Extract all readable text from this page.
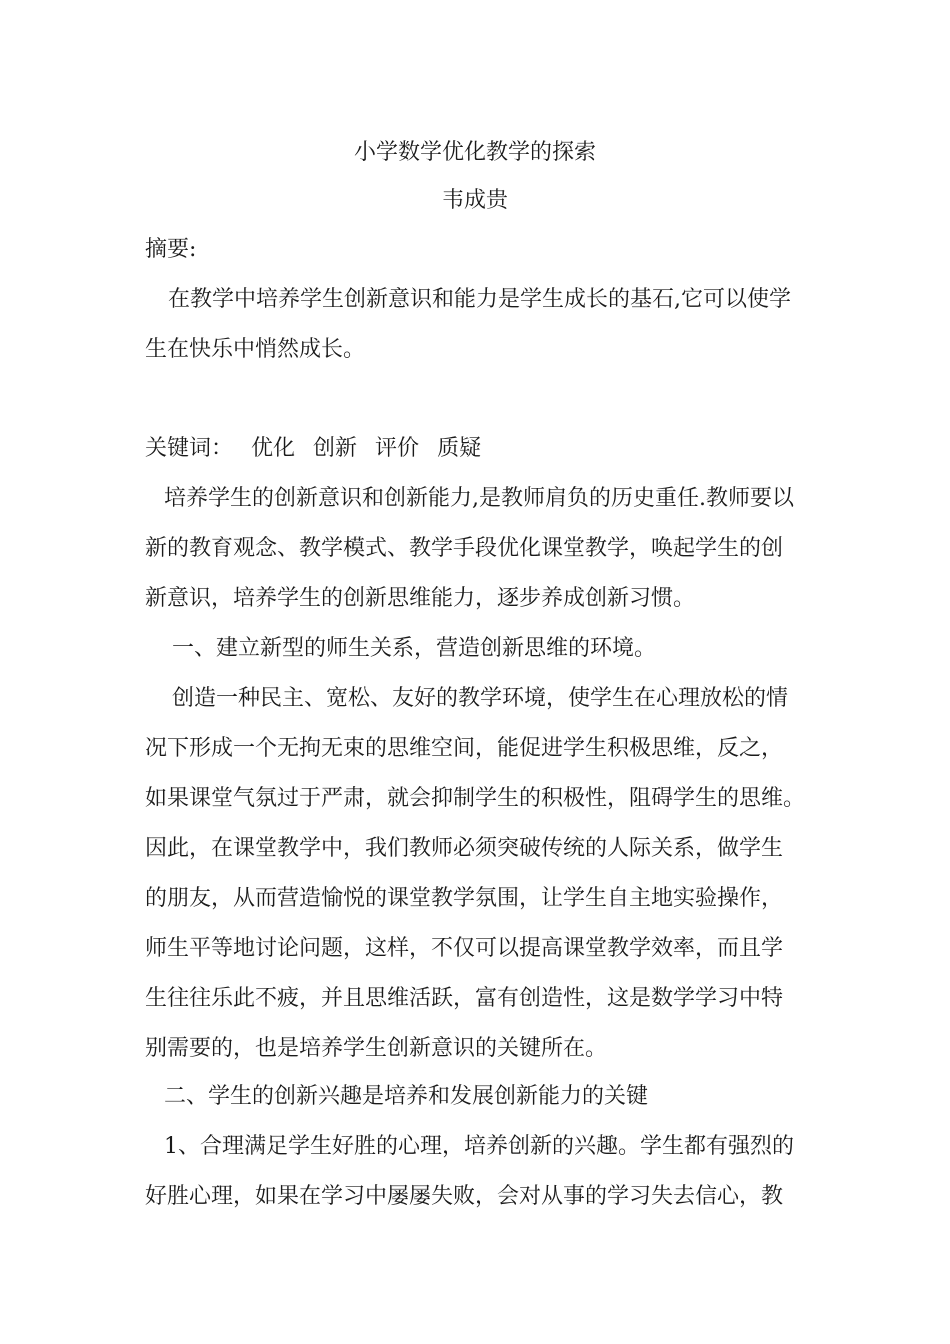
小学数学优化教学的探索
韦成贵
摘要:
在教学中培养学生创新意识和能力是学生成长的基石,它可以使学
生在快乐中悄然成长。
关键词： 优化 创新 评价 质疑
培养学生的创新意识和创新能力,是教师肩负的历史重任.教师要以
新的教育观念、教学模式、教学手段优化课堂教学，唤起学生的创
新意识，培养学生的创新思维能力，逐步养成创新习惯。
一、建立新型的师生关系，营造创新思维的环境。
创造一种民主、宽松、友好的教学环境，使学生在心理放松的情
况下形成一个无拘无束的思维空间，能促进学生积极思维，反之，
如果课堂气氛过于严肃，就会抑制学生的积极性，阻碍学生的思维。
因此，在课堂教学中，我们教师必须突破传统的人际关系，做学生
的朋友，从而营造愉悦的课堂教学氛围，让学生自主地实验操作，
师生平等地讨论问题，这样，不仅可以提高课堂教学效率，而且学
生往往乐此不疲，并且思维活跃，富有创造性，这是数学学习中特
别需要的，也是培养学生创新意识的关键所在。
二、学生的创新兴趣是培养和发展创新能力的关键
1、合理满足学生好胜的心理，培养创新的兴趣。学生都有强烈的
好胜心理，如果在学习中屡屡失败，会对从事的学习失去信心，教
